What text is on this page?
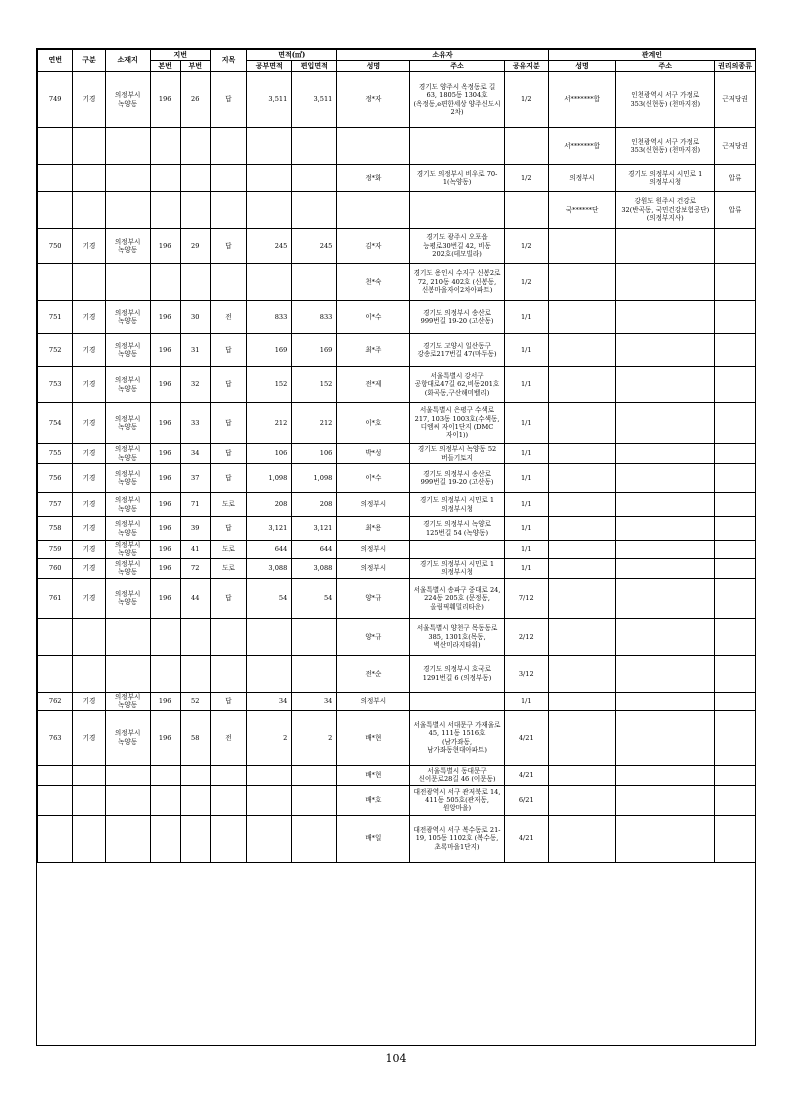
연번	구분	소재지	지번		지목	면적(㎡)		소유자			관계인		
			본번	부번		공부면적	편입면적	성명	주소	공유지분	성명	주소	권리의종류
749	기경	의정부시 녹양동	196	26	답	3,511	3,511	정*자	경기도 양주시 옥정동로 길 63, 1805동 1304호(옥정동,e편한세상 양주신도시 2차)	1/2	서*******합	인천광역시 서구 가정로 353(신현동) (천마지점)	근저당권
											서*******합	인천광역시 서구 가정로 353(신현동) (천마지점)	근저당권
								정*화	경기도 의정부시 비우로 70-1(녹양동)	1/2	의정부시	경기도 의정부시 시민로 1 의정부시청	압류
											국******단	강원도 원주시 건강로 32(반곡동, 국민건강보험공단) (의정부지사)	압류
750	기경	의정부시 녹양동	196	29	답	245	245	김*자	경기도 광주시 오포읍 능평로30번길 42, 비동 202호(데모빌라)	1/2			
								천*숙	경기도 용인시 수지구 신봉2로 72, 210동 402호 (신봉동, 신봉마을자이2차아파트)	1/2			
751	기경	의정부시 녹양동	196	30	전	833	833	이*수	경기도 의정부시 송산로 999번길 19-20 (고산동)	1/1			
752	기경	의정부시 녹양동	196	31	답	169	169	최*주	경기도 고양시 일산동구 강송로217번길 47(마두동)	1/1			
753	기경	의정부시 녹양동	196	32	답	152	152	전*제	서울특별시 강서구 공항대로47길 62,비동201호 (화곡동,구산해미벨리)	1/1			
754	기경	의정부시 녹양동	196	33	답	212	212	이*호	서울특별시 은평구 수색로 217, 103동 1003호(수색동,디엠씨 자이1단지 (DMC 자이1))	1/1			
755	기경	의정부시 녹양동	196	34	답	106	106	박*성	경기도 의정부시 녹양동 52 버들기토지	1/1			
756	기경	의정부시 녹양동	196	37	답	1,098	1,098	이*수	경기도 의정부시 송산로 999번길 19-20 (고산동)	1/1			
757	기경	의정부시 녹양동	196	71	도로	208	208	의정부시	경기도 의정부시 시민로 1 의정부시청	1/1			
758	기경	의정부시 녹양동	196	39	답	3,121	3,121	최*용	경기도 의정부시 녹양로 125번길 54 (녹양동)	1/1			
759	기경	의정부시 녹양동	196	41	도로	644	644	의정부시		1/1			
760	기경	의정부시 녹양동	196	72	도로	3,088	3,088	의정부시	경기도 의정부시 시민로 1 의정부시청	1/1			
761	기경	의정부시 녹양동	196	44	답	54	54	양*규	서울특별시 송파구 중대로 24, 224동 205호 (문정동,올림픽훼밀리타운)	7/12			
								양*규	서울특별시 양천구 목동동로 385, 1301호(목동,벽산미라지타워)	2/12			
								전*순	경기도 의정부시 호국로 1291번길 6 (의정부동)	3/12			
762	기경	의정부시 녹양동	196	52	답	34	34	의정부시		1/1			
763	기경	의정부시 녹양동	196	58	전	2	2	배*현	서울특별시 서대문구 가재울로 45, 111동 1516호 (남가좌동,남가좌동현대아파트)	4/21			
								배*현	서울특별시 동대문구 신이문로28길 46 (이문동)	4/21			
								배*호	대전광역시 서구 관저북로 14, 411동 505호(관저동,원앙마을)	6/21			
								배*일	대전광역시 서구 복수동로 21-19, 105동 1102호 (복수동,초록마을1단지)	4/21			
104
